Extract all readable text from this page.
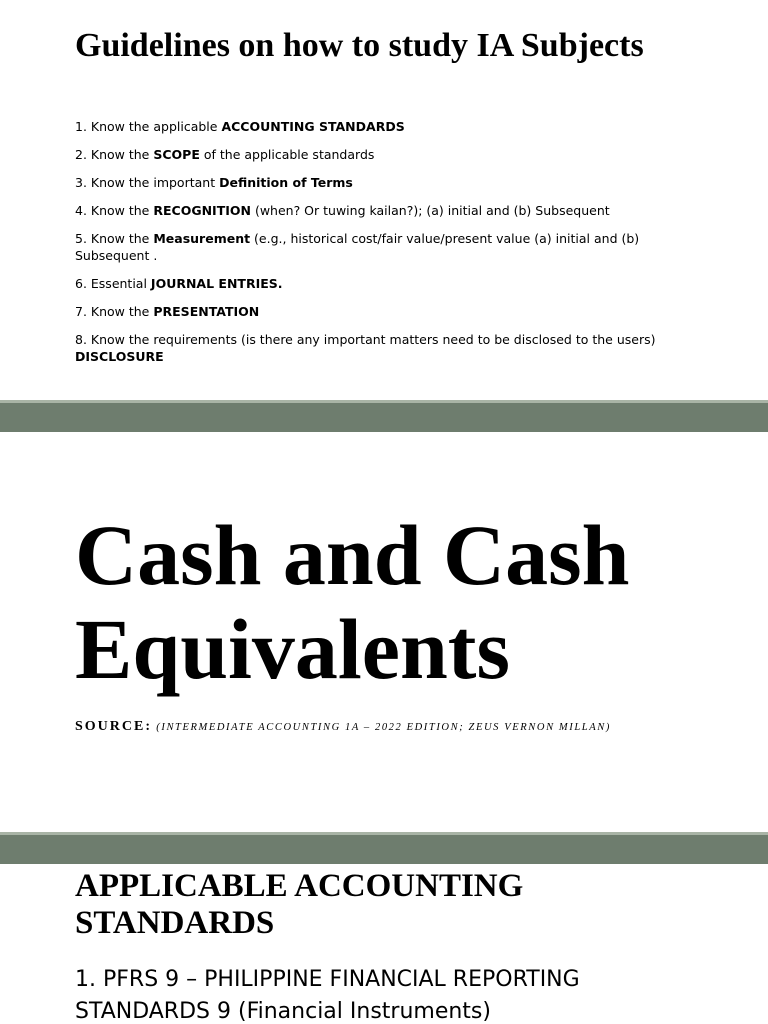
Guidelines on how to study IA Subjects
1. Know the applicable ACCOUNTING STANDARDS
2. Know the SCOPE of the applicable standards
3. Know the important Definition of Terms
4. Know the RECOGNITION (when? Or tuwing kailan?); (a) initial and (b) Subsequent
5. Know the Measurement (e.g., historical cost/fair value/present value (a) initial and (b) Subsequent .
6. Essential JOURNAL ENTRIES.
7. Know the PRESENTATION
8. Know the requirements (is there any important matters need to be disclosed to the users)
DISCLOSURE
Cash and Cash Equivalents
SOURCE: (INTERMEDIATE ACCOUNTING 1A – 2022 EDITION; ZEUS VERNON MILLAN)
APPLICABLE ACCOUNTING STANDARDS
1. PFRS 9 – PHILIPPINE FINANCIAL REPORTING STANDARDS 9 (Financial Instruments)
